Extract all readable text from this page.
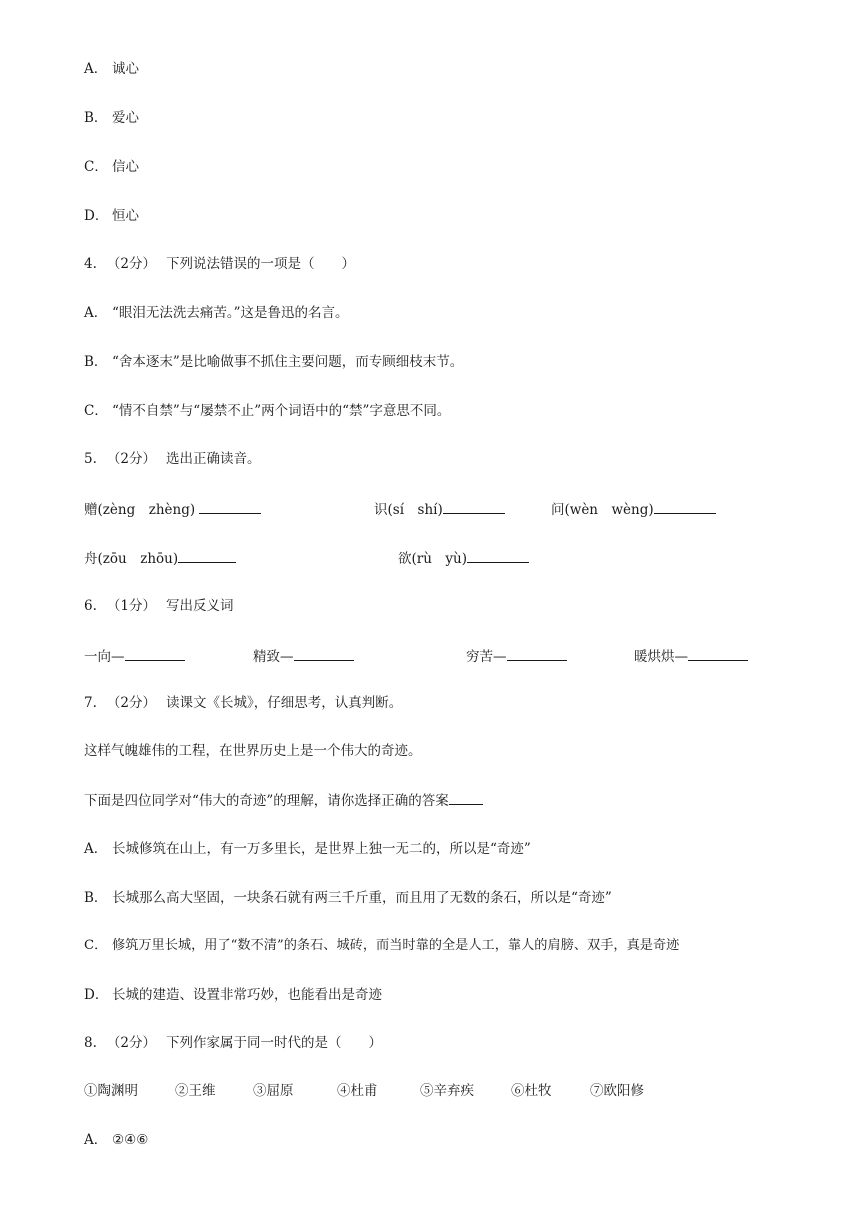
A． 诚心
B． 爱心
C． 信心
D． 恒心
4. （2分） 下列说法错误的一项是（　　）
A． “眼泪无法洗去痛苦。”这是鲁迅的名言。
B． “舍本逐末”是比喻做事不抓住主要问题，而专顾细枝末节。
C． “情不自禁”与“屡禁不止”两个词语中的“禁”字意思不同。
5. （2分） 选出正确读音。
赠(zèng　zhèng)	识(sí　shí)	问(wèn　wèng)
舟(zōu　zhōu)	欲(rù　yù)
6. （1分） 写出反义词
一向—	精致—	穷苦—	暖烘烘—
7. （2分） 读课文《长城》，仔细思考，认真判断。
这样气魄雄伟的工程，在世界历史上是一个伟大的奇迹。
下面是四位同学对“伟大的奇迹”的理解，请你选择正确的答案
A． 长城修筑在山上，有一万多里长，是世界上独一无二的，所以是“奇迹”
B． 长城那么高大坚固，一块条石就有两三千斤重，而且用了无数的条石，所以是“奇迹”
C． 修筑万里长城，用了“数不清”的条石、城砖，而当时靠的全是人工，靠人的肩膀、双手，真是奇迹
D． 长城的建造、设置非常巧妙，也能看出是奇迹
8. （2分） 下列作家属于同一时代的是（　　）
①陶渊明	②王维	③屈原	④杜甫	⑤辛弃疾	⑥杜牧	⑦欧阳修
A． ②④⑥
